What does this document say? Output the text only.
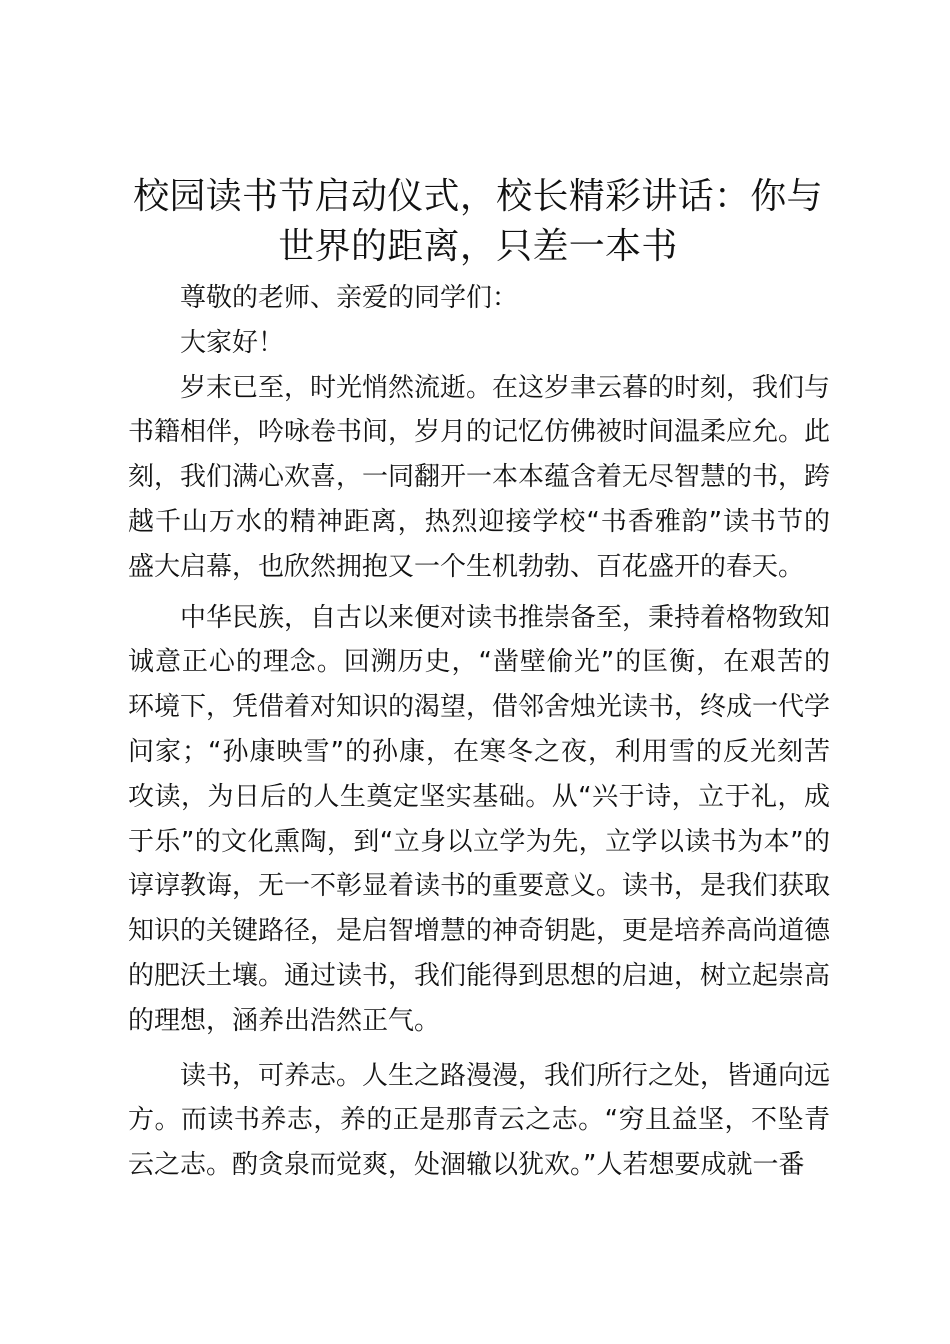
校园读书节启动仪式，校长精彩讲话：你与世界的距离，只差一本书

尊敬的老师、亲爱的同学们：

大家好！

岁末已至，时光悄然流逝。在这岁聿云暮的时刻，我们与书籍相伴，吟咏卷书间，岁月的记忆仿佛被时间温柔应允。此刻，我们满心欢喜，一同翻开一本本蕴含着无尽智慧的书，跨越千山万水的精神距离，热烈迎接学校“书香雅韵”读书节的盛大启幕，也欣然拥抱又一个生机勃勃、百花盛开的春天。

中华民族，自古以来便对读书推崇备至，秉持着格物致知诚意正心的理念。回溯历史，“凿壁偷光”的匡衡，在艰苦的环境下，凭借着对知识的渴望，借邻舍烛光读书，终成一代学问家；“孙康映雪”的孙康，在寒冬之夜，利用雪的反光刻苦攻读，为日后的人生奠定坚实基础。从“兴于诗，立于礼，成于乐”的文化熏陶，到“立身以立学为先，立学以读书为本”的谆谆教诲，无一不彰显着读书的重要意义。读书，是我们获取知识的关键路径，是启智增慧的神奇钥匙，更是培养高尚道德的肥沃土壤。通过读书，我们能得到思想的启迪，树立起崇高的理想，涵养出浩然正气。

读书，可养志。人生之路漫漫，我们所行之处，皆通向远方。而读书养志，养的正是那青云之志。“穷且益坚，不坠青云之志。酌贪泉而觉爽，处涸辙以犹欢。”人若想要成就一番
